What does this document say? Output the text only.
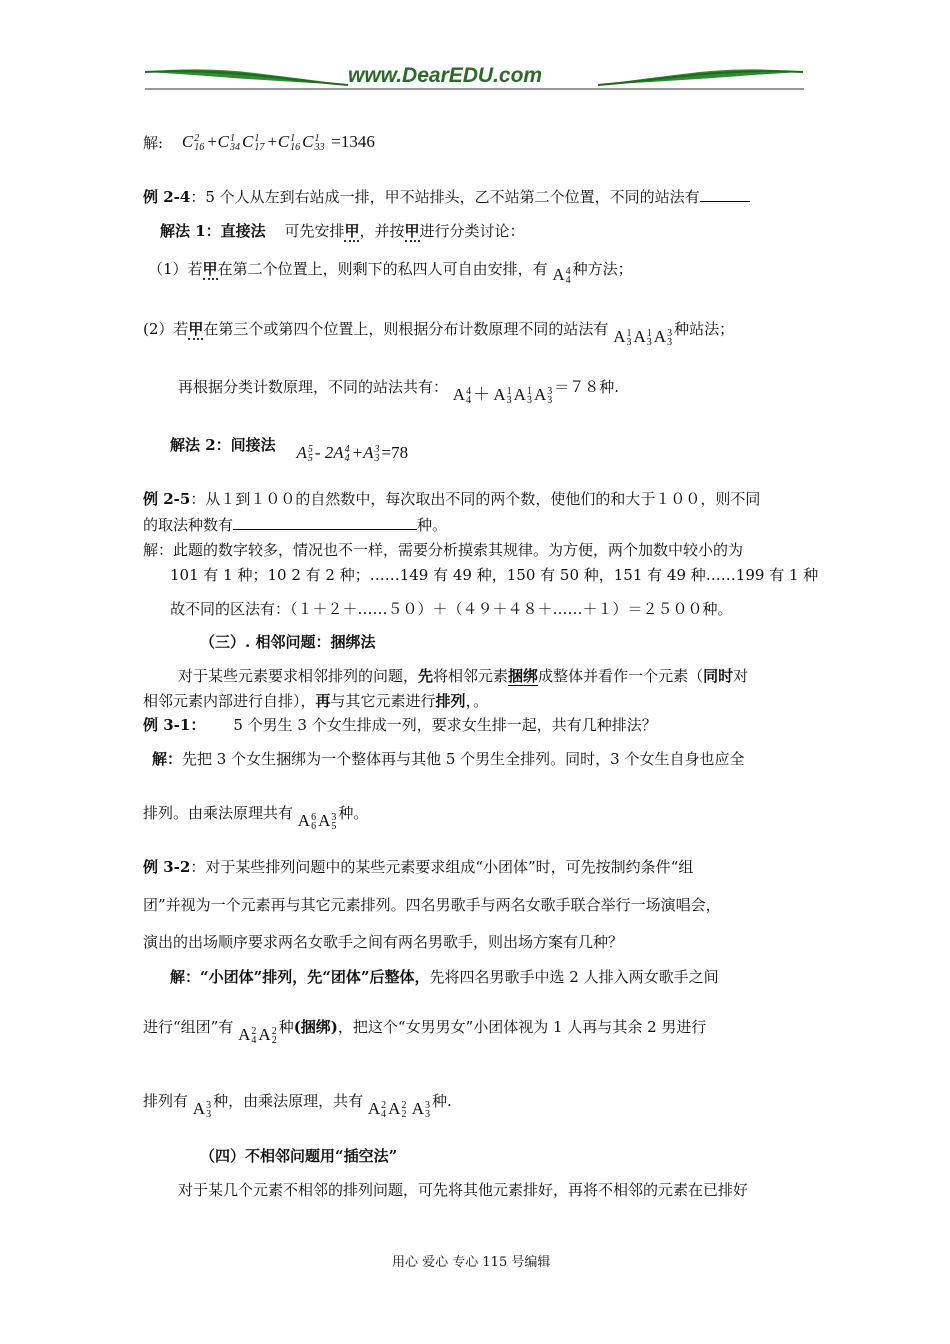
www.DearEDU.com
解: C 2
16 +C 1
34 C 1
17 +C 1
16 C 1
33 =1346
例 2-4：5 个人从左到右站成一排，甲不站排头，乙不站第二个位置，不同的站法有
解法 1：直接法 可先安排甲，并按甲进行分类讨论：
（1）若甲在第二个位置上，则剩下的私四人可自由安排，有 A 4
4
种方法；
(2）若甲在第三个或第四个位置上，则根据分布计数原理不同的站法有 A 1
3 A 1
3 A 3
3
种站法；
再根据分类计数原理，不同的站法共有： A 4
4 ＋ A 1
3 A 1
3 A 3
3
＝７８种.
解法 2：间接法 A 5
5 - 2A 4
4 +A 3
3 =78
例 2-5：从１到１００的自然数中，每次取出不同的两个数，使他们的和大于１００，则不同
的取法种数有	种。
解：此题的数字较多，情况也不一样，需要分析摸索其规律。为方便，两个加数中较小的为
101 有 1 种；10 2 有 2 种；……149 有 49 种，150 有 50 种，151 有 49 种……199 有 1 种
故不同的区法有：（１＋２＋……５０）＋（４９＋４８＋……＋１）＝２５００种。
（三）. 相邻问题：捆绑法
对于某些元素要求相邻排列的问题，先将相邻元素捆绑成整体并看作一个元素（同时对
相邻元素内部进行自排），再与其它元素进行排列，。
例 3-1： 5 个男生 3 个女生排成一列，要求女生排一起，共有几种排法？
解：先把 3 个女生捆绑为一个整体再与其他 5 个男生全排列。同时，3 个女生自身也应全
排列。由乘法原理共有 A 6
6 A 3
5
种。
例 3-2：对于某些排列问题中的某些元素要求组成“小团体”时，可先按制约条件“组
团”并视为一个元素再与其它元素排列。四名男歌手与两名女歌手联合举行一场演唱会，
演出的出场顺序要求两名女歌手之间有两名男歌手，则出场方案有几种？
解：“小团体”排列，先“团体”后整体，先将四名男歌手中选 2 人排入两女歌手之间
进行“组团”有 A 2
4 A 2
2
种(捆绑)，把这个“女男男女”小团体视为 1 人再与其余 2 男进行
排列有 A 3
3
种，由乘法原理，共有 A 2
4 A 2
2 A 3
3
种.
（四）不相邻问题用“插空法”
对于某几个元素不相邻的排列问题，可先将其他元素排好，再将不相邻的元素在已排好
用心 爱心 专心 115 号编辑
